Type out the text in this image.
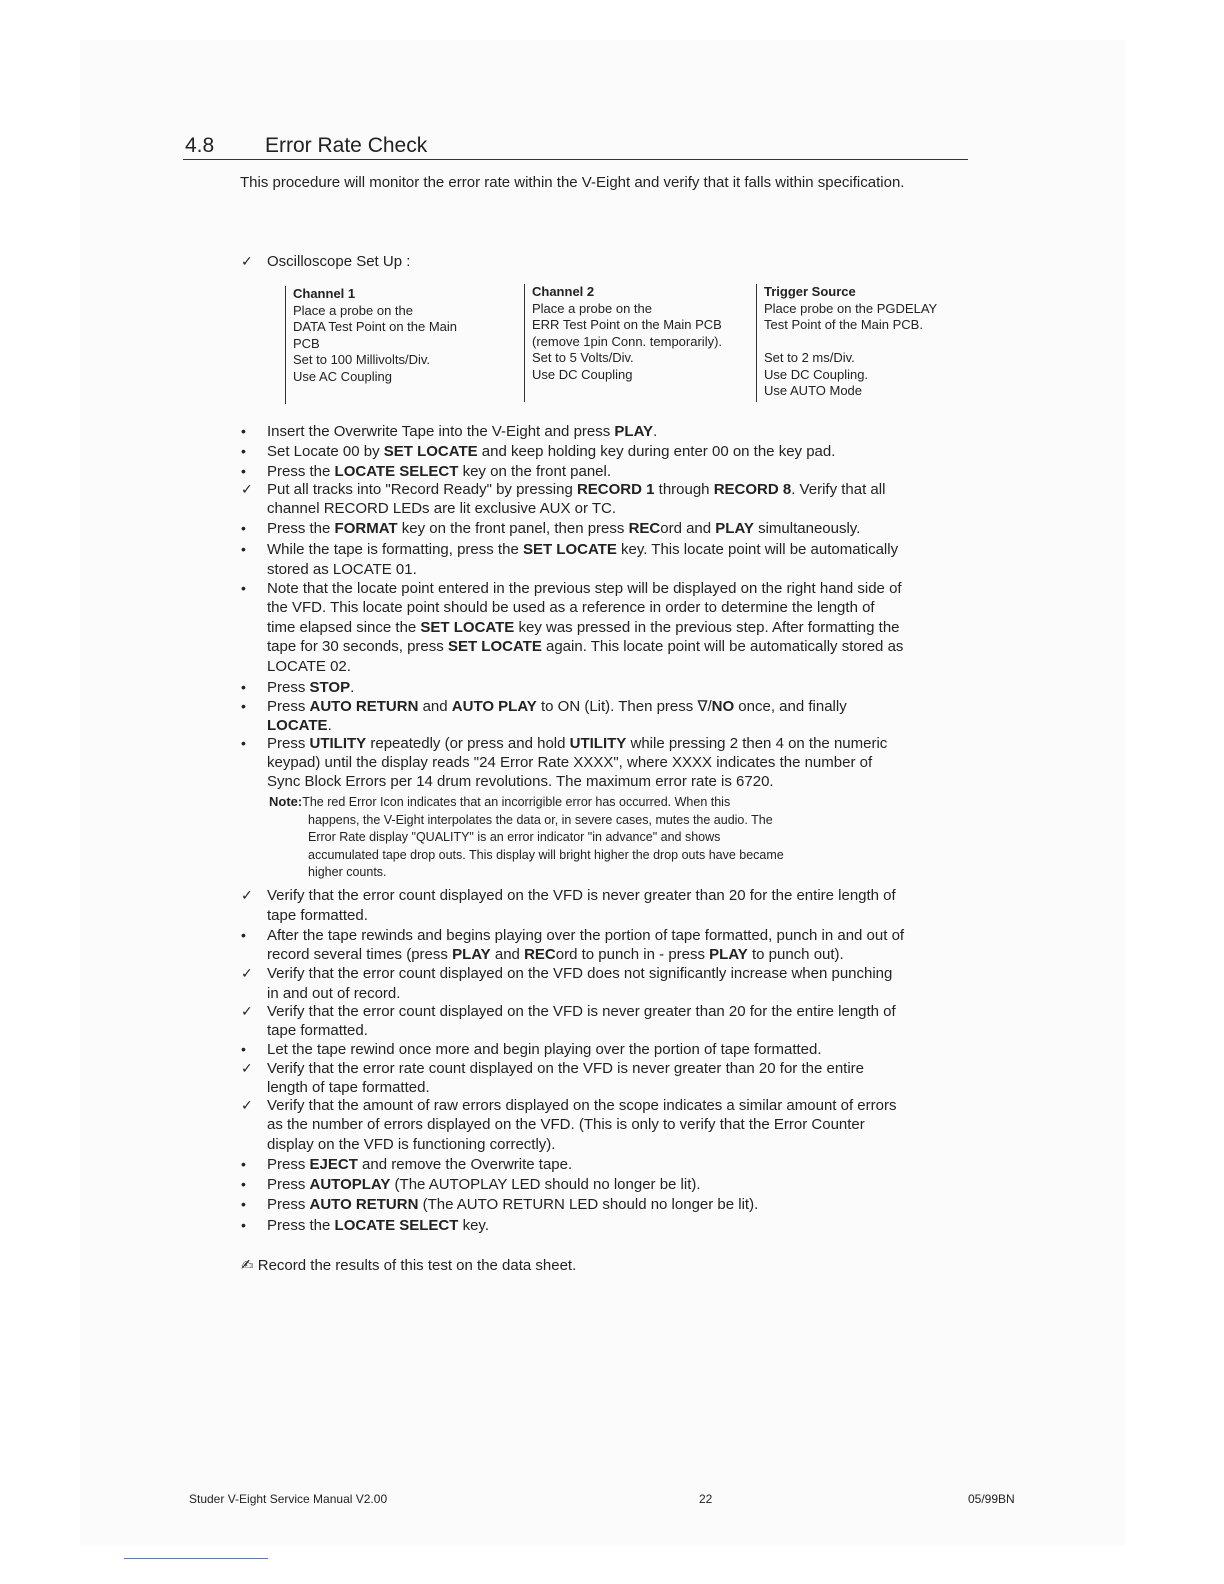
4.8 Error Rate Check

This procedure will monitor the error rate within the V-Eight and verify that it falls within specification.

✓ Oscilloscope Set Up :
Channel 1
Place a probe on the
DATA Test Point on the Main
PCB
Set to 100 Millivolts/Div.
Use AC Coupling
Channel 2
Place a probe on the
ERR Test Point on the Main PCB
(remove 1pin Conn. temporarily).
Set to 5 Volts/Div.
Use DC Coupling
Trigger Source
Place probe on the PGDELAY
Test Point of the Main PCB.

Set to 2 ms/Div.
Use DC Coupling.
Use AUTO Mode
• Insert the Overwrite Tape into the V-Eight and press PLAY.
• Set Locate 00 by SET LOCATE and keep holding key during enter 00 on the key pad.
• Press the LOCATE SELECT key on the front panel.
✓ Put all tracks into "Record Ready" by pressing RECORD 1 through RECORD 8. Verify that all
channel RECORD LEDs are lit exclusive AUX or TC.
• Press the FORMAT key on the front panel, then press RECord and PLAY simultaneously.
• While the tape is formatting, press the SET LOCATE key. This locate point will be automatically
stored as LOCATE 01.
• Note that the locate point entered in the previous step will be displayed on the right hand side of
the VFD. This locate point should be used as a reference in order to determine the length of
time elapsed since the SET LOCATE key was pressed in the previous step. After formatting the
tape for 30 seconds, press SET LOCATE again. This locate point will be automatically stored as
LOCATE 02.
• Press STOP.
• Press AUTO RETURN and AUTO PLAY to ON (Lit). Then press ∇/NO once, and finally
LOCATE.
• Press UTILITY repeatedly (or press and hold UTILITY while pressing 2 then 4 on the numeric
keypad) until the display reads "24 Error Rate XXXX", where XXXX indicates the number of
Sync Block Errors per 14 drum revolutions. The maximum error rate is 6720.
✓ Verify that the error count displayed on the VFD is never greater than 20 for the entire length of
tape formatted.
• After the tape rewinds and begins playing over the portion of tape formatted, punch in and out of
record several times (press PLAY and RECord to punch in - press PLAY to punch out).
✓ Verify that the error count displayed on the VFD does not significantly increase when punching
in and out of record.
✓ Verify that the error count displayed on the VFD is never greater than 20 for the entire length of
tape formatted.
• Let the tape rewind once more and begin playing over the portion of tape formatted.
✓ Verify that the error rate count displayed on the VFD is never greater than 20 for the entire
length of tape formatted.
✓ Verify that the amount of raw errors displayed on the scope indicates a similar amount of errors
as the number of errors displayed on the VFD. (This is only to verify that the Error Counter
display on the VFD is functioning correctly).
• Press EJECT and remove the Overwrite tape.
• Press AUTOPLAY (The AUTOPLAY LED should no longer be lit).
• Press AUTO RETURN (The AUTO RETURN LED should no longer be lit).
• Press the LOCATE SELECT key.
Note:The red Error Icon indicates that an incorrigible error has occurred. When this
happens, the V-Eight interpolates the data or, in severe cases, mutes the audio. The
Error Rate display "QUALITY" is an error indicator "in advance" and shows
accumulated tape drop outs. This display will bright higher the drop outs have became
higher counts.
✍ Record the results of this test on the data sheet.
Studer V-Eight Service Manual V2.00	22	05/99BN
